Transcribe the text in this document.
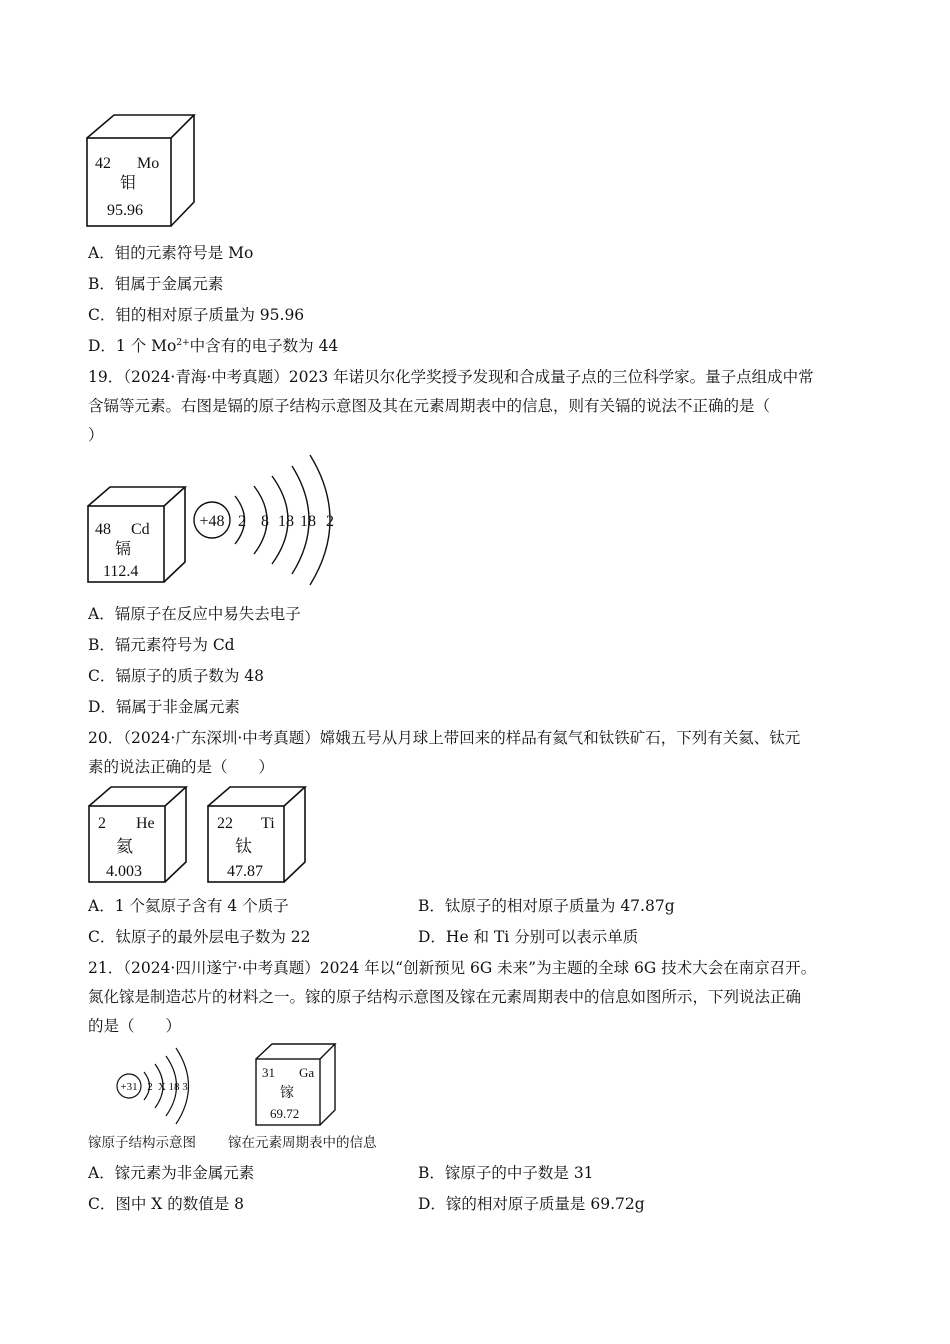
42 Mo
钼
95.96
A．钼的元素符号是 Mo
B．钼属于金属元素
C．钼的相对原子质量为 95.96
D．1 个 $Mo^{2+}$中含有的电子数为 44
19．（2024·青海·中考真题）2023 年诺贝尔化学奖授予发现和合成量子点的三位科学家。量子点组成中常
含镉等元素。右图是镉的原子结构示意图及其在元素周期表中的信息，则有关镉的说法不正确的是（
）
48 Cd
镉
112.4
+48 2 8 18 18 2
A．镉原子在反应中易失去电子
B．镉元素符号为 Cd
C．镉原子的质子数为 48
D．镉属于非金属元素
20．（2024·广东深圳·中考真题）嫦娥五号从月球上带回来的样品有氦气和钛铁矿石，下列有关氦、钛元
素的说法正确的是（　　）
2 He
氦
4.003
22 Ti
钛
47.87
A．1 个氦原子含有 4 个质子	B．钛原子的相对原子质量为 47.87g
C．钛原子的最外层电子数为 22	D．He 和 Ti 分别可以表示单质
21．（2024·四川遂宁·中考真题）2024 年以“创新预见 6G 未来”为主题的全球 6G 技术大会在南京召开。
氮化镓是制造芯片的材料之一。镓的原子结构示意图及镓在元素周期表中的信息如图所示，下列说法正确
的是（　　）
+31 2 X 18 3
31 Ga
镓
69.72
镓原子结构示意图 镓在元素周期表中的信息
A．镓元素为非金属元素	B．镓原子的中子数是 31
C．图中 X 的数值是 8	D．镓的相对原子质量是 69.72g
